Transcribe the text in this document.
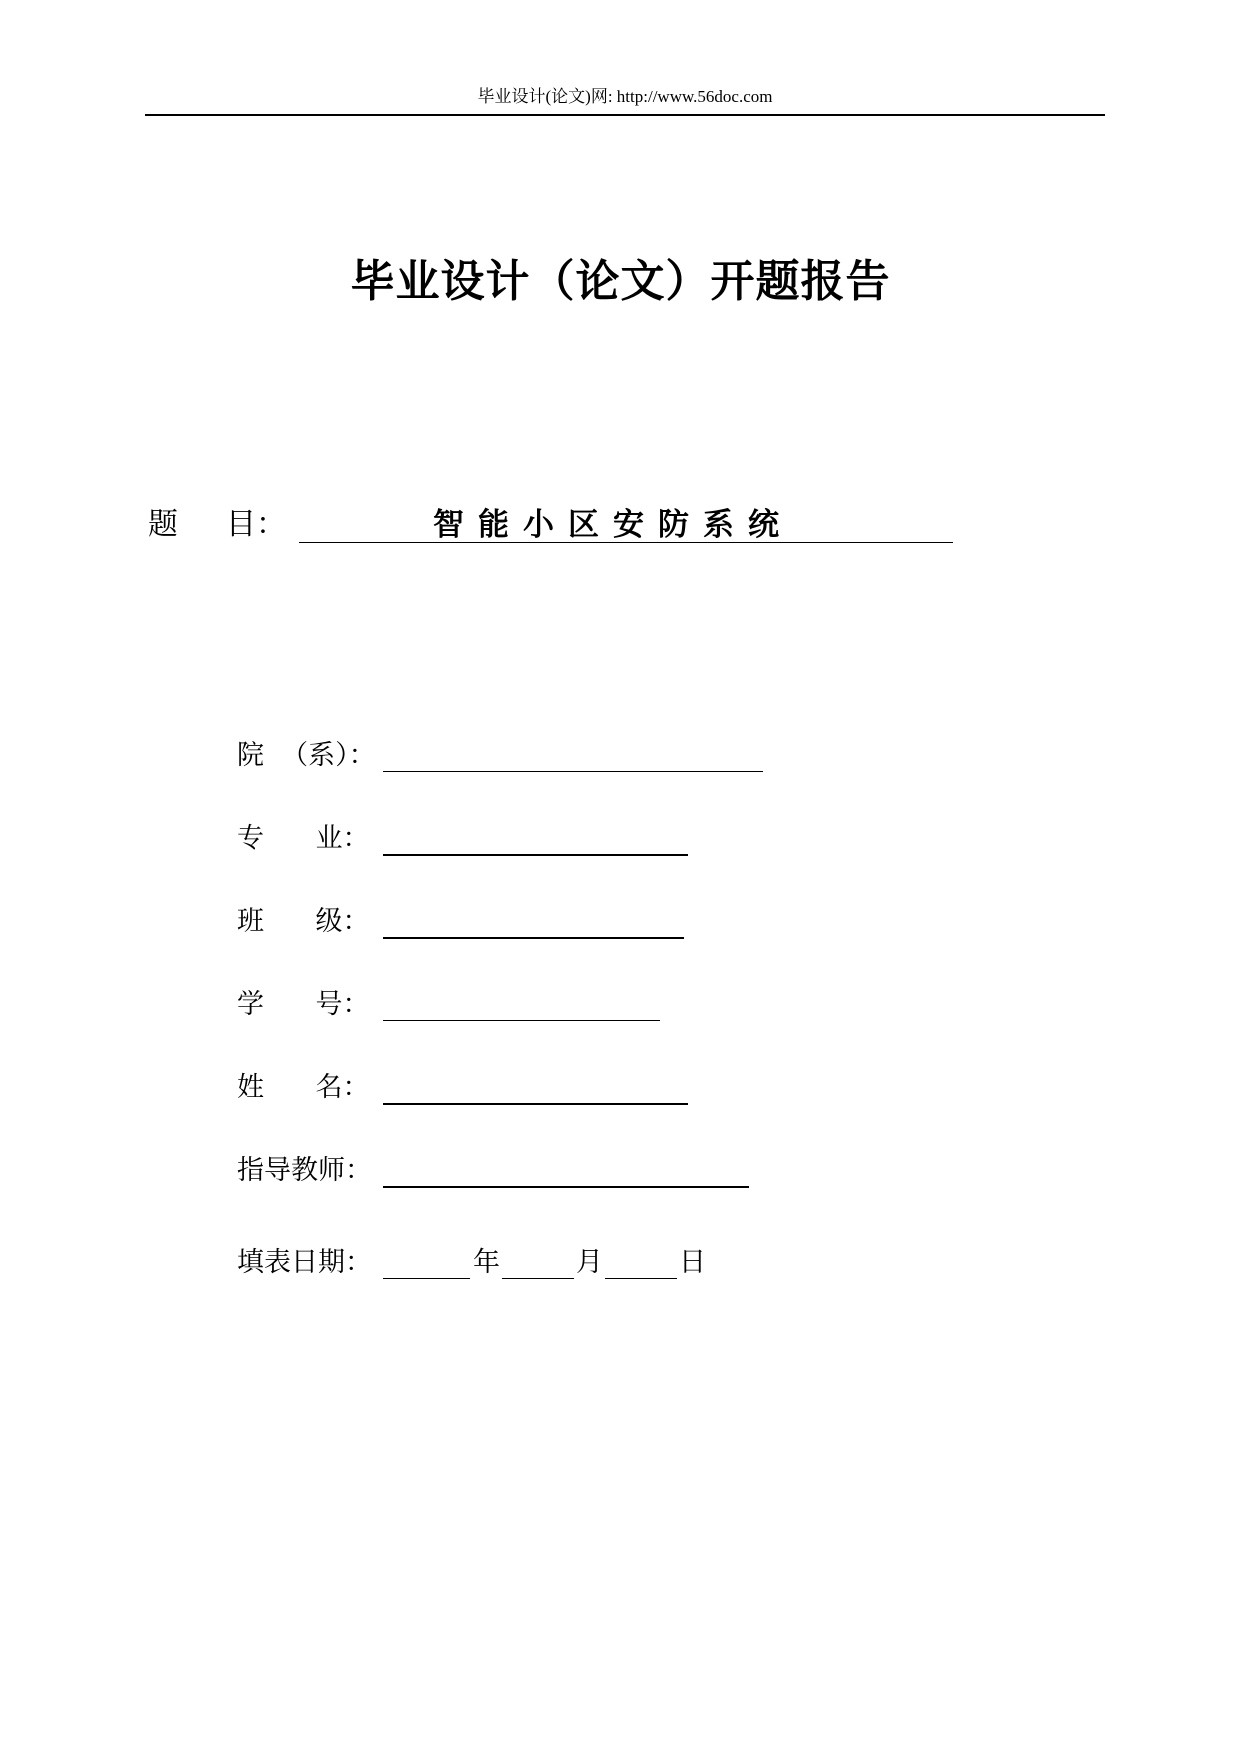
毕业设计(论文)网: http://www.56doc.com
毕业设计（论文）开题报告
题 目：	智能小区安防系统
院  （系）：
专      业：
班      级：
学      号：
姓      名：
指导教师：
填表日期：	年	月	日
